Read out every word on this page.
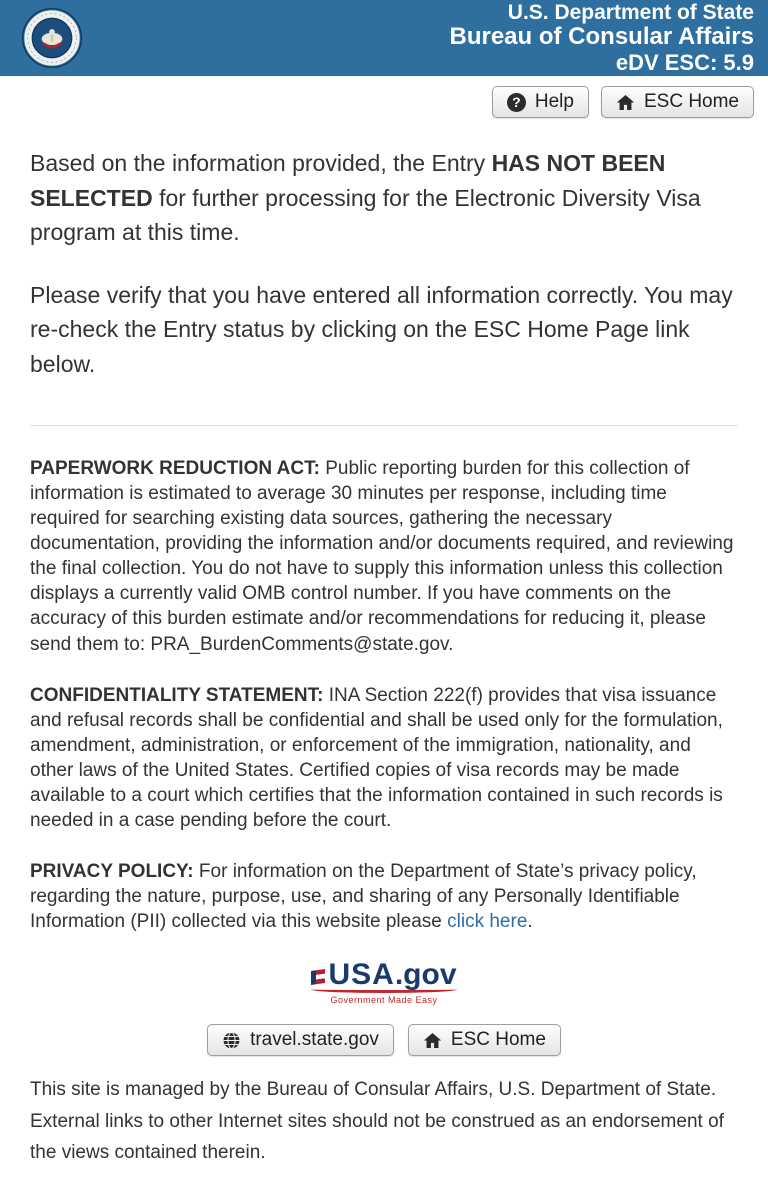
U.S. Department of State
Bureau of Consular Affairs
eDV ESC: 5.9
? Help	ESC Home

Based on the information provided, the Entry HAS NOT BEEN SELECTED for further processing for the Electronic Diversity Visa program at this time.

Please verify that you have entered all information correctly. You may re-check the Entry status by clicking on the ESC Home Page link below.

PAPERWORK REDUCTION ACT: Public reporting burden for this collection of information is estimated to average 30 minutes per response, including time required for searching existing data sources, gathering the necessary documentation, providing the information and/or documents required, and reviewing the final collection. You do not have to supply this information unless this collection displays a currently valid OMB control number. If you have comments on the accuracy of this burden estimate and/or recommendations for reducing it, please send them to: PRA_BurdenComments@state.gov.

CONFIDENTIALITY STATEMENT: INA Section 222(f) provides that visa issuance and refusal records shall be confidential and shall be used only for the formulation, amendment, administration, or enforcement of the immigration, nationality, and other laws of the United States. Certified copies of visa records may be made available to a court which certifies that the information contained in such records is needed in a case pending before the court.

PRIVACY POLICY: For information on the Department of State’s privacy policy, regarding the nature, purpose, use, and sharing of any Personally Identifiable Information (PII) collected via this website please click here.

USA.gov
Government Made Easy
travel.state.gov	ESC Home

This site is managed by the Bureau of Consular Affairs, U.S. Department of State. External links to other Internet sites should not be construed as an endorsement of the views contained therein.
